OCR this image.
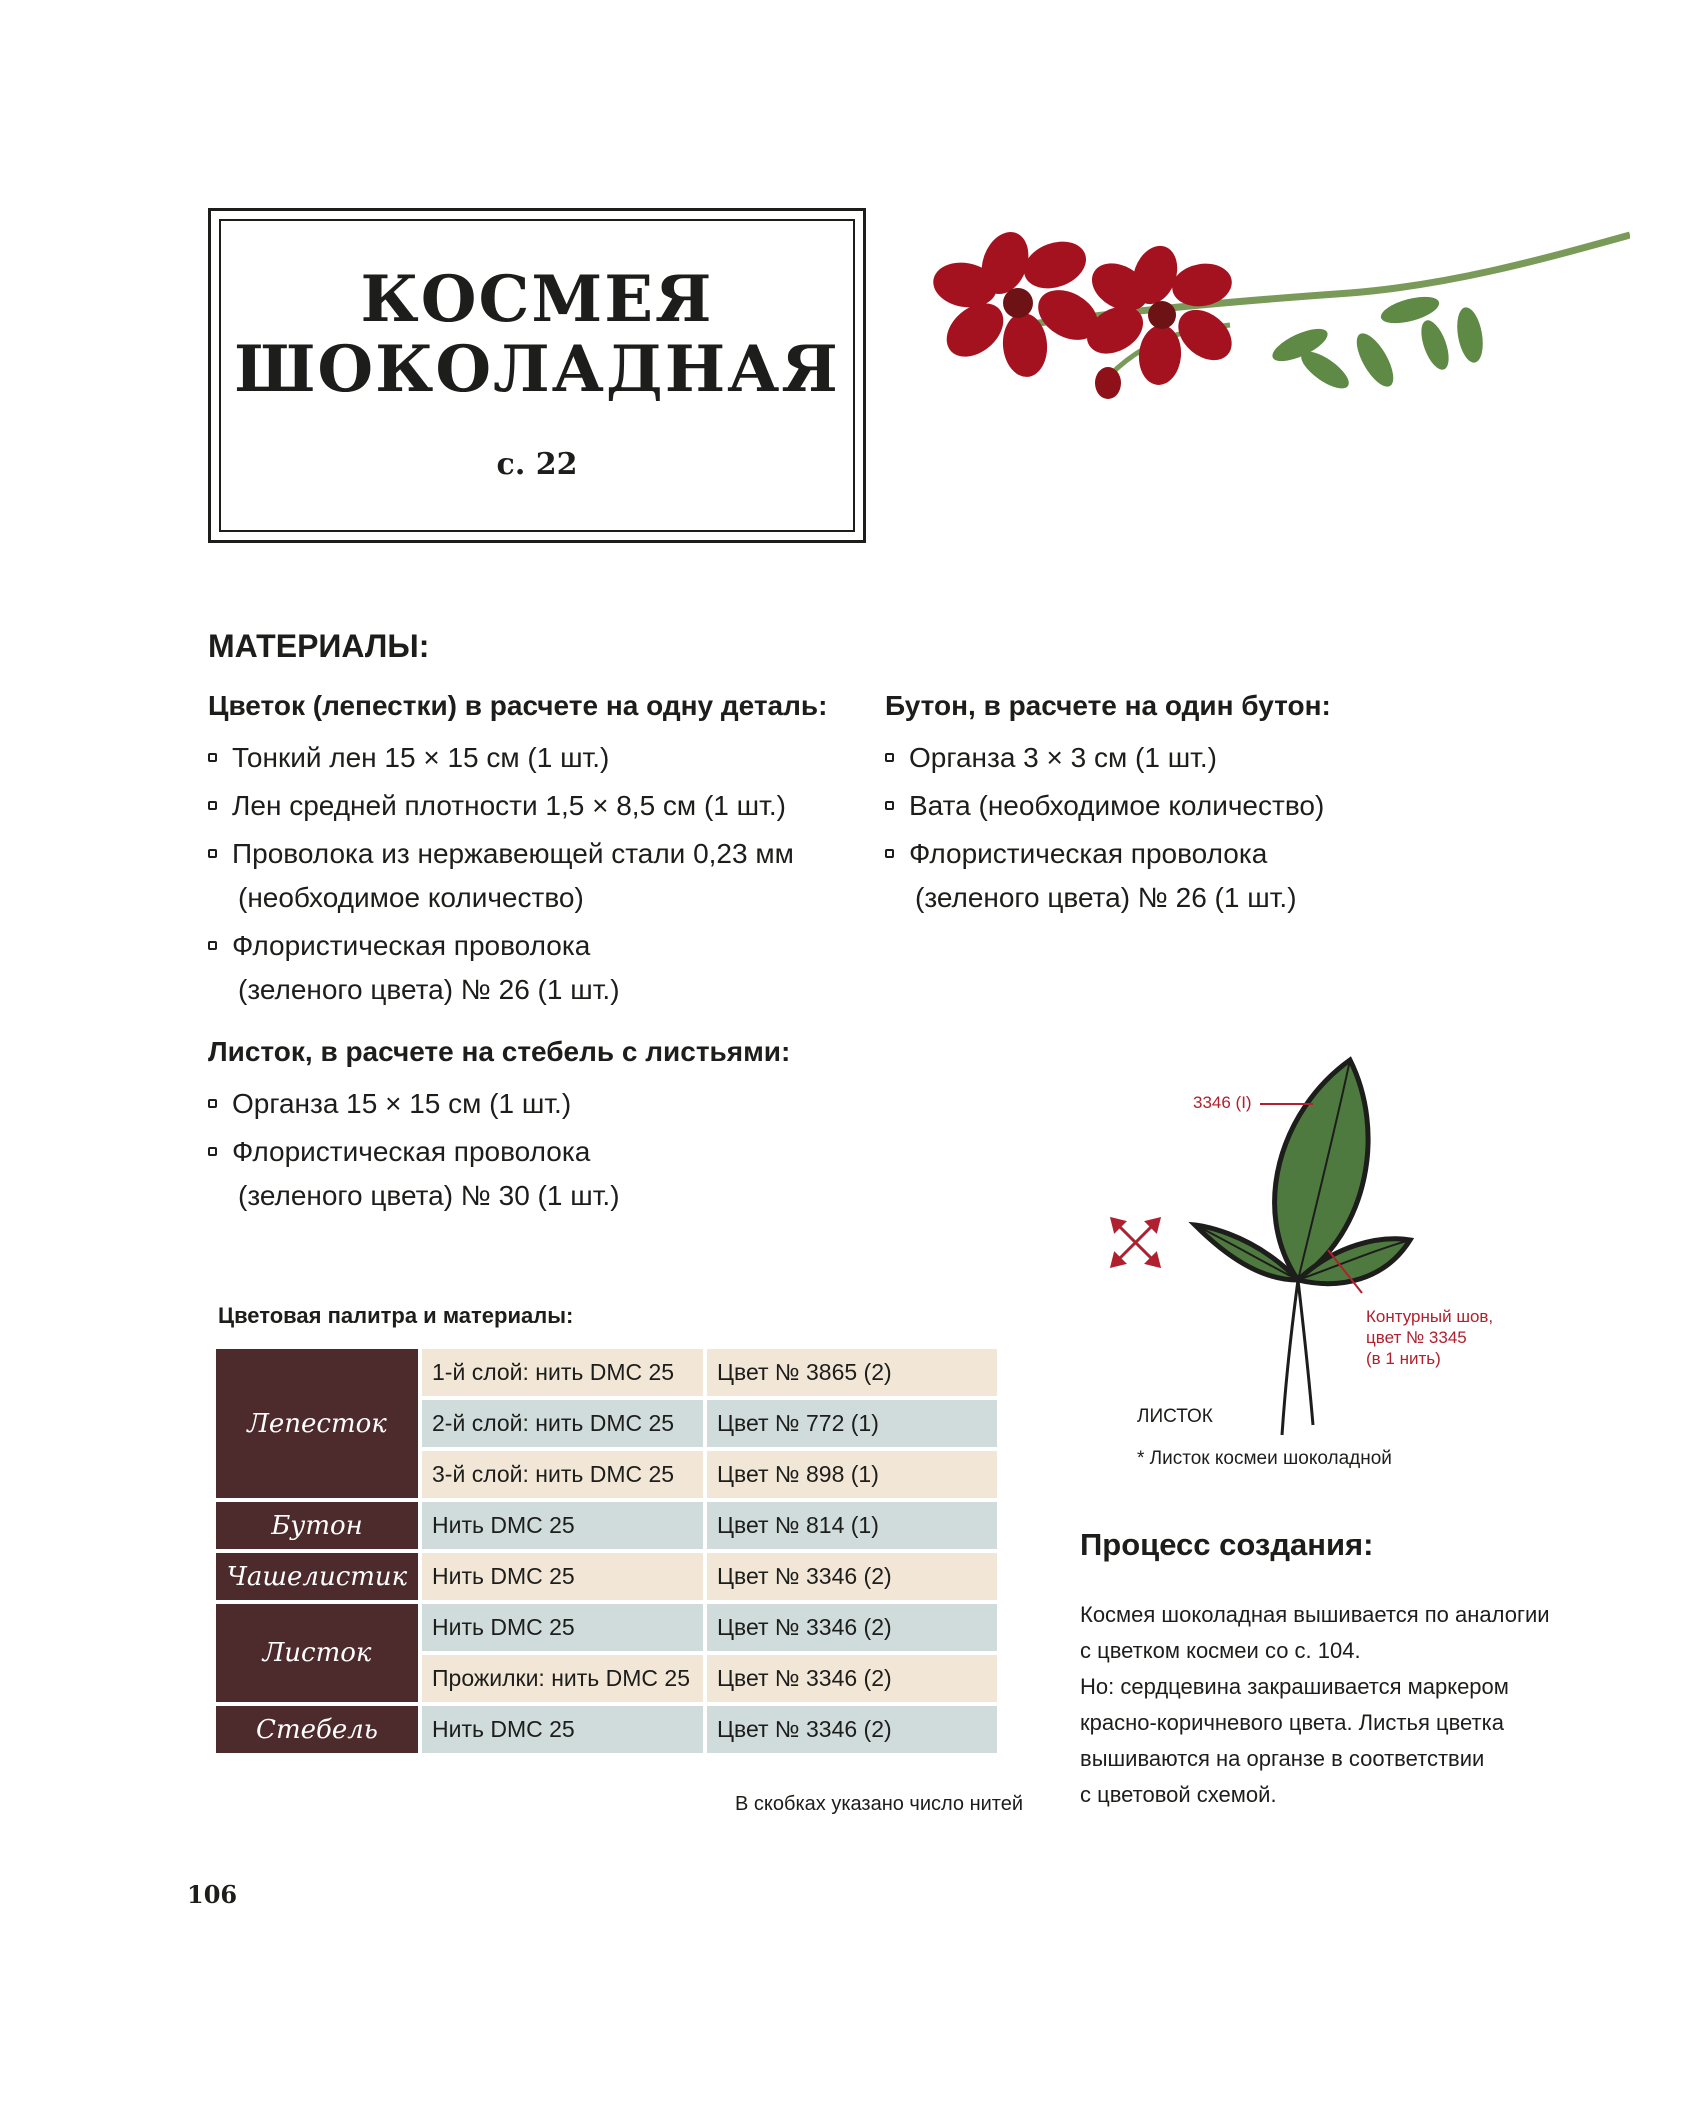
КОСМЕЯ
ШОКОЛАДНАЯ
с. 22
МАТЕРИАЛЫ:
Цветок (лепестки) в расчете на одну деталь:
Тонкий лен 15 × 15 см (1 шт.)
Лен средней плотности 1,5 × 8,5 см (1 шт.)
Проволока из нержавеющей стали 0,23 мм
(необходимое количество)
Флористическая проволока
(зеленого цвета) № 26 (1 шт.)
Листок, в расчете на стебель с листьями:
Органза 15 × 15 см (1 шт.)
Флористическая проволока
(зеленого цвета) № 30 (1 шт.)
Бутон, в расчете на один бутон:
Органза 3 × 3 см (1 шт.)
Вата (необходимое количество)
Флористическая проволока
(зеленого цвета) № 26 (1 шт.)
Цветовая палитра и материалы:
Лепесток	1-й слой: нить DMC 25	Цвет № 3865 (2)
	2-й слой: нить DMC 25	Цвет № 772 (1)
	3-й слой: нить DMC 25	Цвет № 898 (1)
Бутон	Нить DMC 25	Цвет № 814 (1)
Чашелистик	Нить DMC 25	Цвет № 3346 (2)
Листок	Нить DMC 25	Цвет № 3346 (2)
	Прожилки: нить DMC 25	Цвет № 3346 (2)
Стебель	Нить DMC 25	Цвет № 3346 (2)
В скобках указано число нитей

3346 (I)

Контурный шов,
цвет № 3345
(в 1 нить)

ЛИСТОК
* Листок космеи шоколадной
Процесс создания:
Космея шоколадная вышивается по аналогии
с цветком космеи со с. 104.
Но: сердцевина закрашивается маркером
красно-коричневого цвета. Листья цветка
вышиваются на органзе в соответствии
с цветовой схемой.
106
